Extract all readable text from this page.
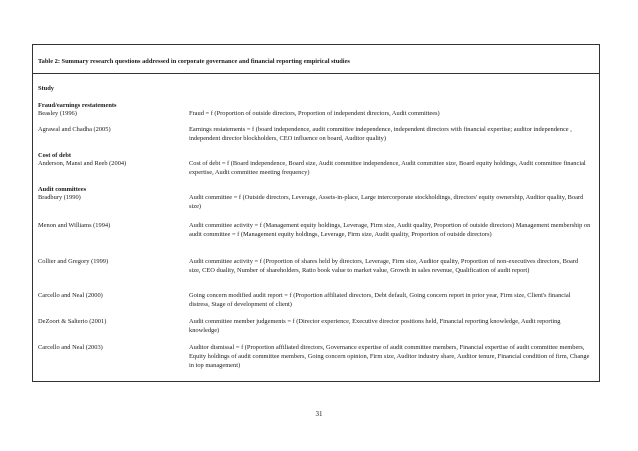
Table 2: Summary research questions addressed in corporate governance and financial reporting empirical studies
Study
Fraud/earnings restatements
Beasley (1996)	Fraud = f (Proportion of outside directors, Proportion of independent directors, Audit committees)
Agrawal and Chadha (2005)	Earnings restatements = f (board independence, audit committee independence, independent directors with financial expertise; auditor independence , independent director blockholders, CEO influence on board, Auditor quality)
Cost of debt
Anderson, Mansi and Reeb (2004)	Cost of debt = f (Board independence, Board size, Audit committee independence, Audit committee size, Board equity holdings, Audit committee financial expertise, Audit committee meeting frequency)
Audit committees
Bradbury (1990)	Audit committee = f (Outside directors, Leverage, Assets-in-place, Large intercorporate stockholdings, directors' equity ownership, Auditor quality, Board size)
Menon and Williams (1994)	Audit committee activity = f (Management equity holdings, Leverage, Firm size, Audit quality, Proportion of outside directors) Management membership on audit committee = f (Management equity holdings, Leverage, Firm size, Audit quality, Proportion of outside directors)
Collier and Gregory (1999)	Audit committee activity = f (Proportion of shares held by directors, Leverage, Firm size, Auditor quality, Proportion of non-executives directors, Board size, CEO duality, Number of shareholders, Ratio book value to market value, Growth in sales revenue, Qualification of audit report)
Carcello and Neal (2000)	Going concern modified audit report = f (Proportion affiliated directors, Debt default, Going concern report in prior year, Firm size, Client's financial distress, Stage of development of client)
DeZoort & Salterio (2001)	Audit committee member judgements = f (Director experience, Executive director positions held, Financial reporting knowledge, Audit reporting knowledge)
Carcello and Neal (2003)	Auditor dismissal = f (Proportion affiliated directors, Governance expertise of audit committee members, Financial expertise of audit committee members, Equity holdings of audit committee members, Going concern opinion, Firm size, Auditor industry share, Auditor tenure, Financial condition of firm, Change in top management)
31
